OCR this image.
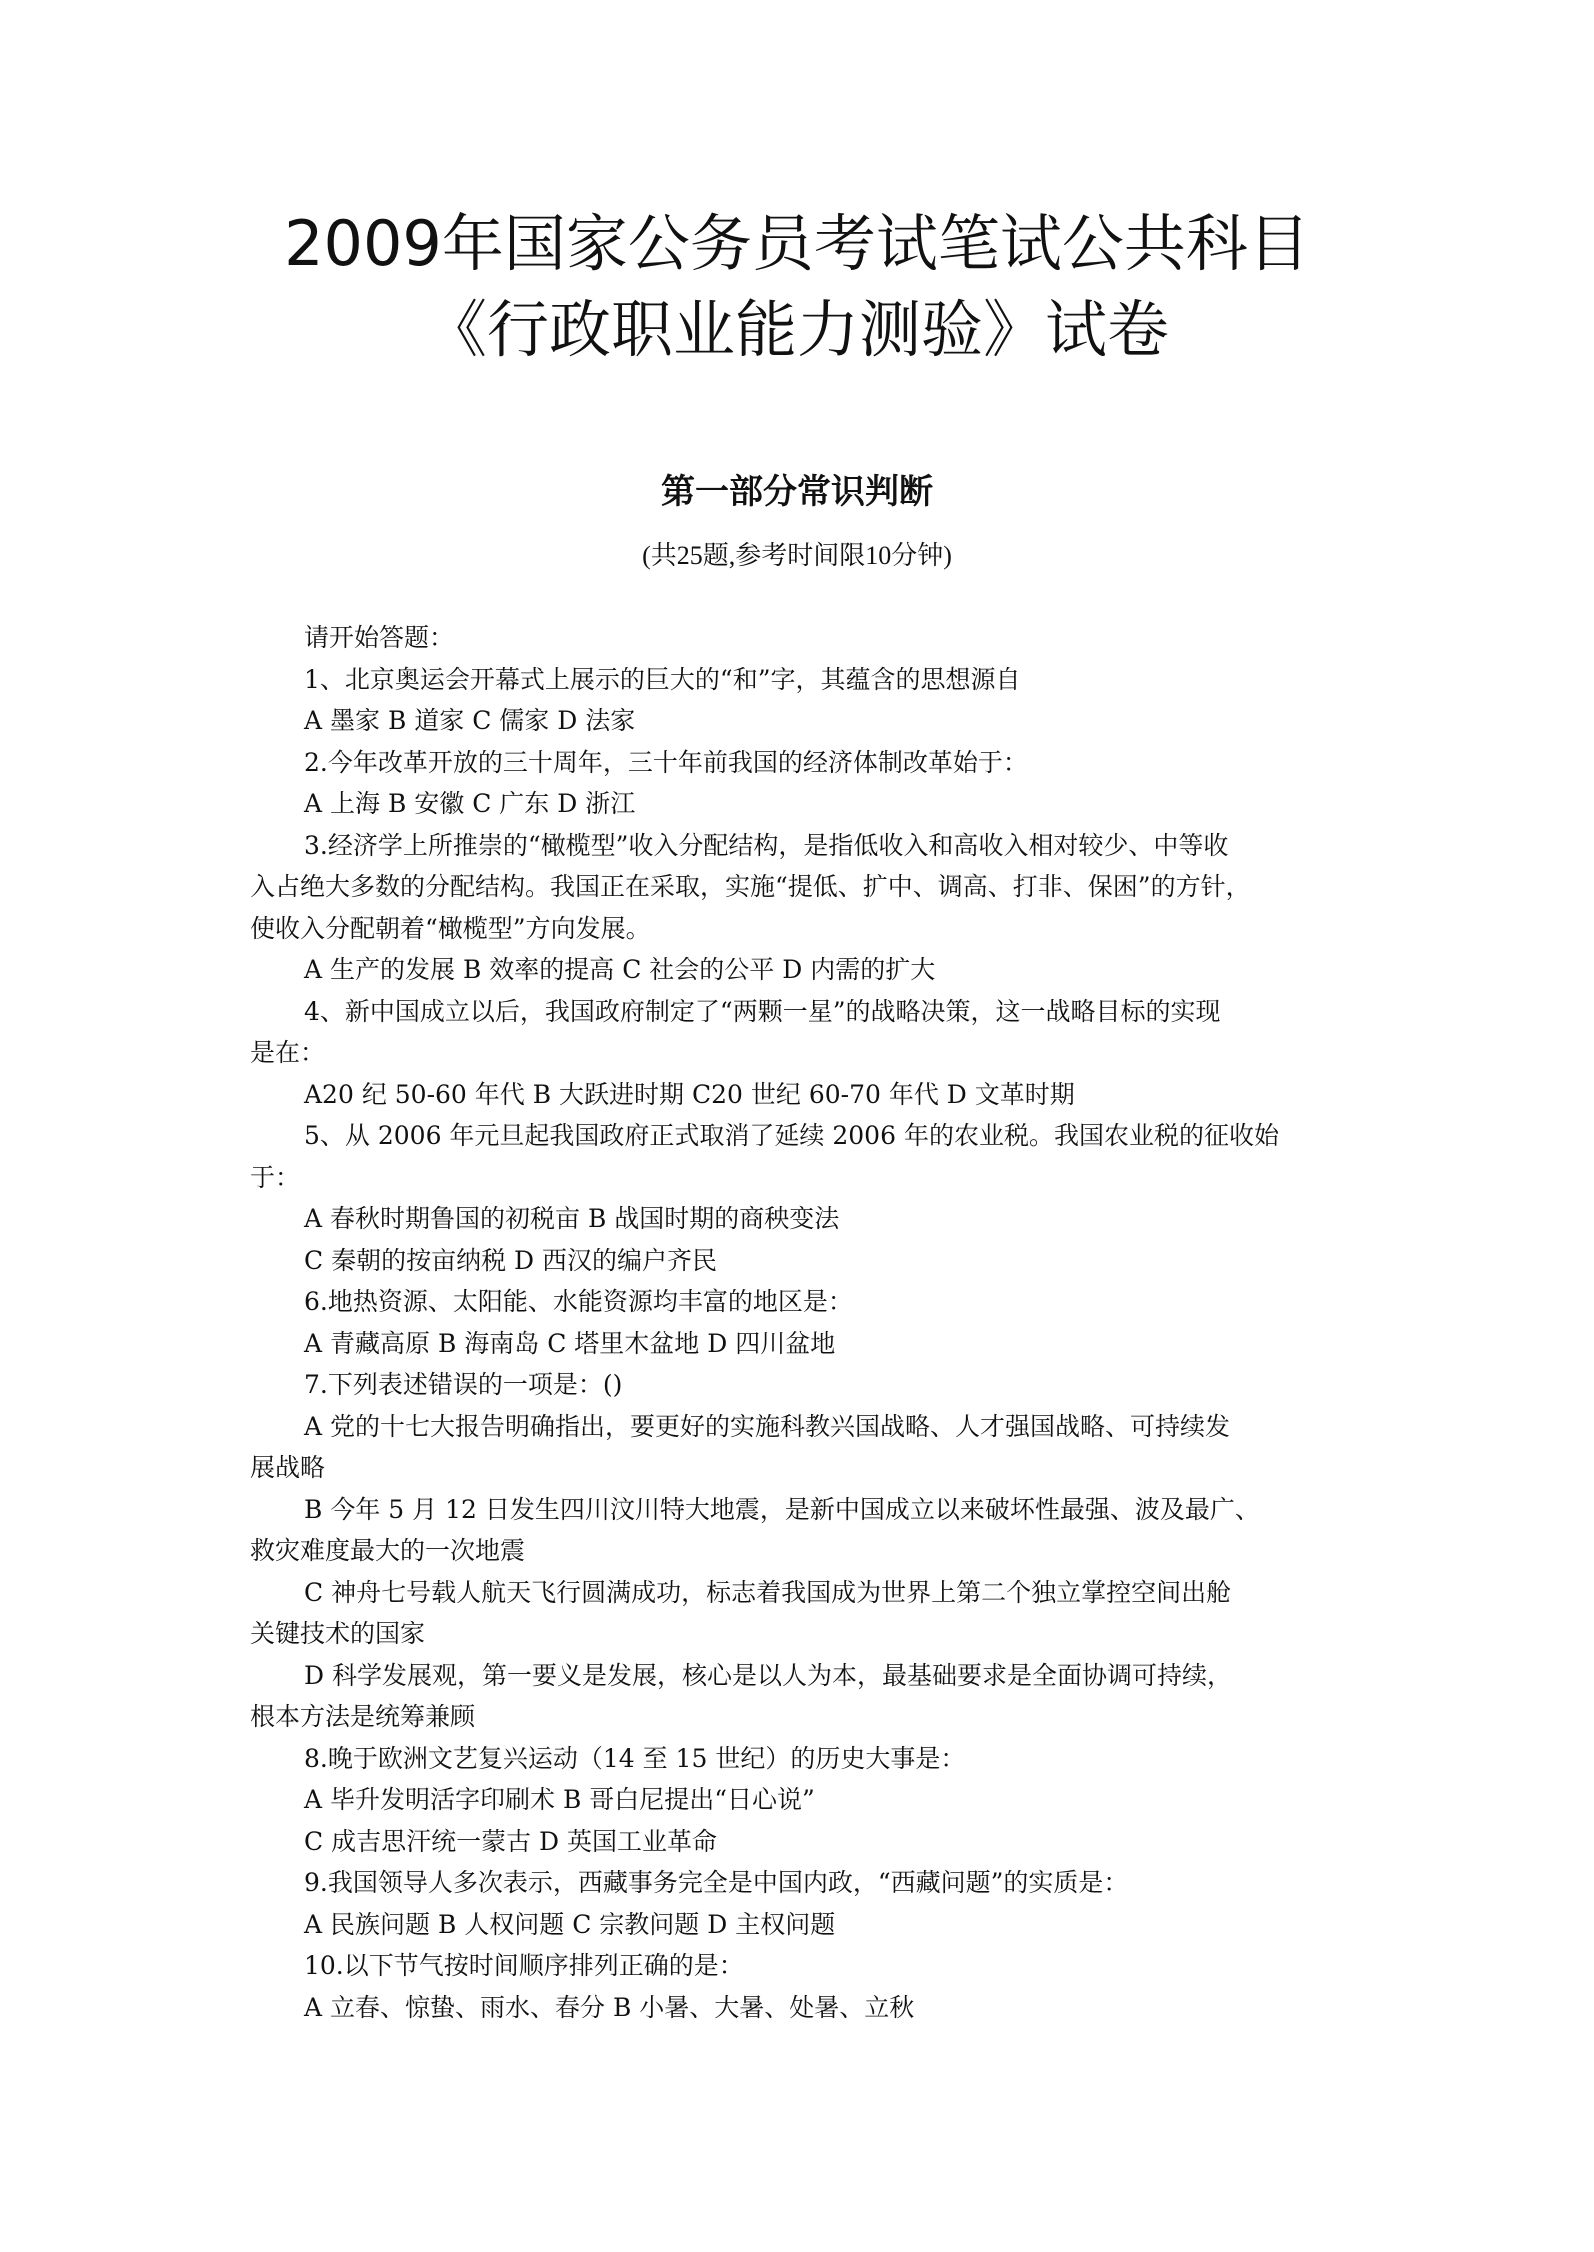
2009年国家公务员考试笔试公共科目
《行政职业能力测验》试卷
第一部分常识判断
(共25题,参考时间限10分钟)
请开始答题：
1、北京奥运会开幕式上展示的巨大的“和”字，其蕴含的思想源自
A 墨家 B 道家 C 儒家 D 法家
2.今年改革开放的三十周年，三十年前我国的经济体制改革始于：
A 上海 B 安徽 C 广东 D 浙江
3.经济学上所推崇的“橄榄型”收入分配结构，是指低收入和高收入相对较少、中等收
入占绝大多数的分配结构。我国正在采取，实施“提低、扩中、调高、打非、保困”的方针，
使收入分配朝着“橄榄型”方向发展。
A 生产的发展 B 效率的提高 C 社会的公平 D 内需的扩大
4、新中国成立以后，我国政府制定了“两颗一星”的战略决策，这一战略目标的实现
是在：
A20 纪 50-60 年代 B 大跃进时期 C20 世纪 60-70 年代 D 文革时期
5、从 2006 年元旦起我国政府正式取消了延续 2006 年的农业税。我国农业税的征收始
于：
A 春秋时期鲁国的初税亩 B 战国时期的商秧变法
C 秦朝的按亩纳税 D 西汉的编户齐民
6.地热资源、太阳能、水能资源均丰富的地区是：
A 青藏高原 B 海南岛 C 塔里木盆地 D 四川盆地
7.下列表述错误的一项是：()
A 党的十七大报告明确指出，要更好的实施科教兴国战略、人才强国战略、可持续发
展战略
B 今年 5 月 12 日发生四川汶川特大地震，是新中国成立以来破坏性最强、波及最广、
救灾难度最大的一次地震
C 神舟七号载人航天飞行圆满成功，标志着我国成为世界上第二个独立掌控空间出舱
关键技术的国家
D 科学发展观，第一要义是发展，核心是以人为本，最基础要求是全面协调可持续，
根本方法是统筹兼顾
8.晚于欧洲文艺复兴运动（14 至 15 世纪）的历史大事是：
A 毕升发明活字印刷术 B 哥白尼提出“日心说”
C 成吉思汗统一蒙古 D 英国工业革命
9.我国领导人多次表示，西藏事务完全是中国内政，“西藏问题”的实质是：
A 民族问题 B 人权问题 C 宗教问题 D 主权问题
10.以下节气按时间顺序排列正确的是：
A 立春、惊蛰、雨水、春分 B 小暑、大暑、处暑、立秋
